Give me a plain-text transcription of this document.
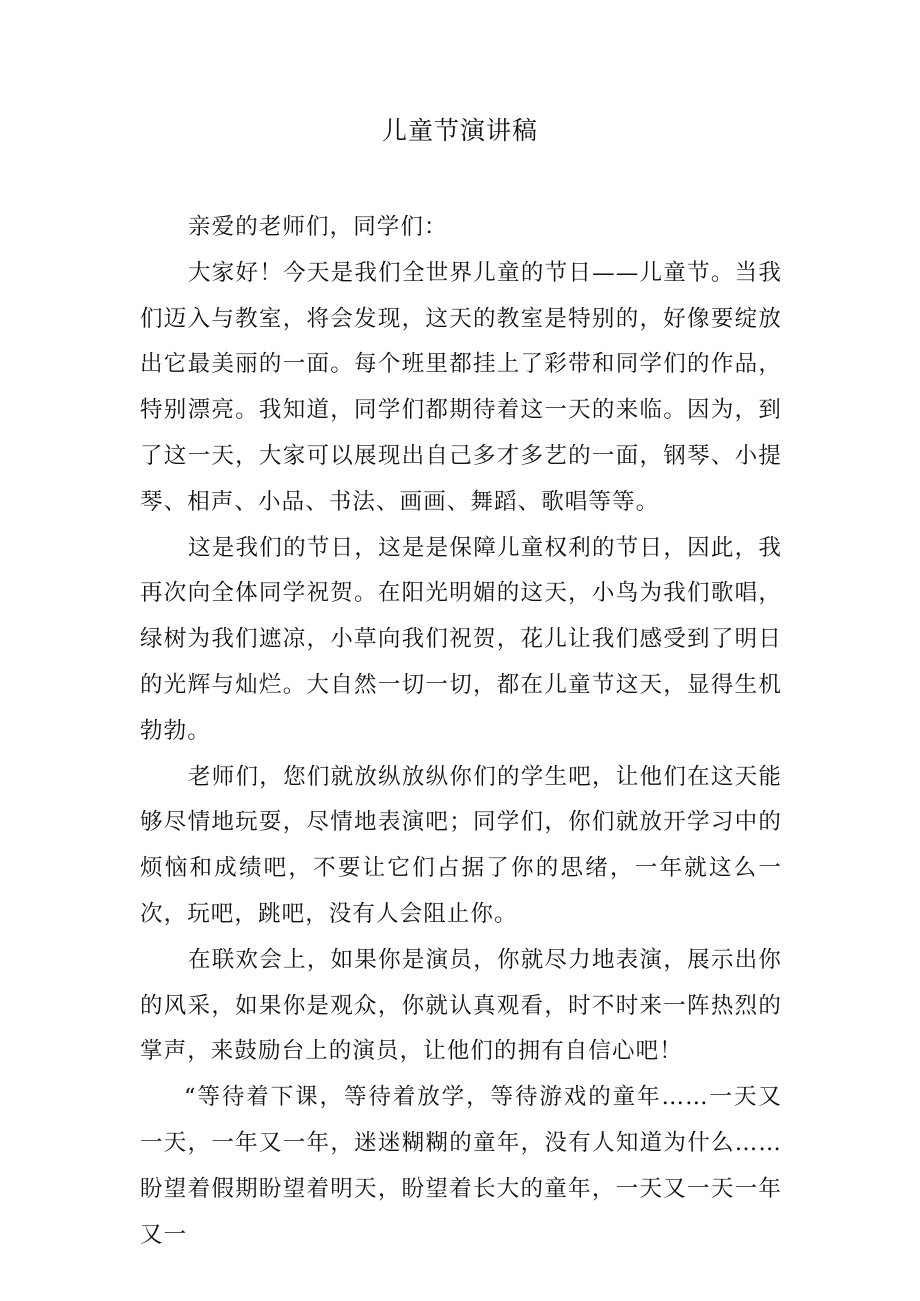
儿童节演讲稿

亲爱的老师们，同学们：

大家好！今天是我们全世界儿童的节日——儿童节。当我们迈入与教室，将会发现，这天的教室是特别的，好像要绽放出它最美丽的一面。每个班里都挂上了彩带和同学们的作品，特别漂亮。我知道，同学们都期待着这一天的来临。因为，到了这一天，大家可以展现出自己多才多艺的一面，钢琴、小提琴、相声、小品、书法、画画、舞蹈、歌唱等等。

这是我们的节日，这是是保障儿童权利的节日，因此，我再次向全体同学祝贺。在阳光明媚的这天，小鸟为我们歌唱，绿树为我们遮凉，小草向我们祝贺，花儿让我们感受到了明日的光辉与灿烂。大自然一切一切，都在儿童节这天，显得生机勃勃。

老师们，您们就放纵放纵你们的学生吧，让他们在这天能够尽情地玩耍，尽情地表演吧；同学们，你们就放开学习中的烦恼和成绩吧，不要让它们占据了你的思绪，一年就这么一次，玩吧，跳吧，没有人会阻止你。

在联欢会上，如果你是演员，你就尽力地表演，展示出你的风采，如果你是观众，你就认真观看，时不时来一阵热烈的掌声，来鼓励台上的演员，让他们的拥有自信心吧！

“等待着下课，等待着放学，等待游戏的童年……一天又一天，一年又一年，迷迷糊糊的童年，没有人知道为什么……盼望着假期盼望着明天，盼望着长大的童年，一天又一天一年又一
